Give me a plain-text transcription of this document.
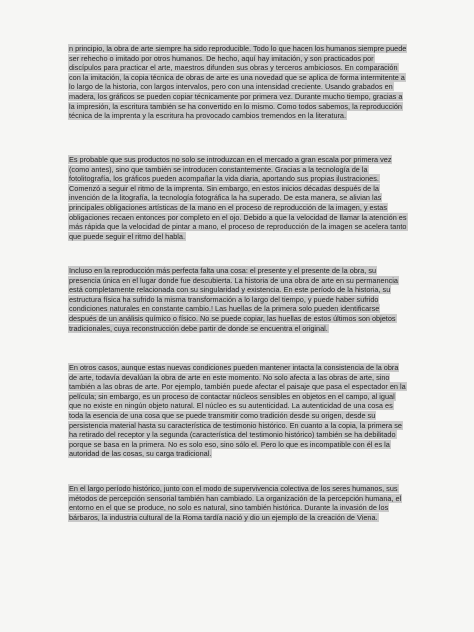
n principio, la obra de arte siempre ha sido reproducible. Todo lo que hacen los humanos siempre puede ser rehecho o imitado por otros humanos. De hecho, aquí hay imitación, y son practicados por discípulos para practicar el arte, maestros difunden sus obras y terceros ambiciosos. En comparación con la imitación, la copia técnica de obras de arte es una novedad que se aplica de forma intermitente a lo largo de la historia, con largos intervalos, pero con una intensidad creciente. Usando grabados en madera, los gráficos se pueden copiar técnicamente por primera vez. Durante mucho tiempo, gracias a la impresión, la escritura también se ha convertido en lo mismo. Como todos sabemos, la reproducción técnica de la imprenta y la escritura ha provocado cambios tremendos en la literatura.

Es probable que sus productos no solo se introduzcan en el mercado a gran escala por primera vez (como antes), sino que también se introducen constantemente. Gracias a la tecnología de la fotolitografía, los gráficos pueden acompañar la vida diaria, aportando sus propias ilustraciones. Comenzó a seguir el ritmo de la imprenta. Sin embargo, en estos inicios décadas después de la invención de la litografía, la tecnología fotográfica la ha superado. De esta manera, se alivian las principales obligaciones artísticas de la mano en el proceso de reproducción de la imagen, y estas obligaciones recaen entonces por completo en el ojo. Debido a que la velocidad de llamar la atención es más rápida que la velocidad de pintar a mano, el proceso de reproducción de la imagen se acelera tanto que puede seguir el ritmo del habla.

Incluso en la reproducción más perfecta falta una cosa: el presente y el presente de la obra, su presencia única en el lugar donde fue descubierta. La historia de una obra de arte en su permanencia está completamente relacionada con su singularidad y existencia. En este período de la historia, su estructura física ha sufrido la misma transformación a lo largo del tiempo, y puede haber sufrido condiciones naturales en constante cambio.! Las huellas de la primera solo pueden identificarse después de un análisis químico o físico. No se puede copiar, las huellas de estos últimos son objetos tradicionales, cuya reconstrucción debe partir de donde se encuentra el original.

En otros casos, aunque estas nuevas condiciones pueden mantener intacta la consistencia de la obra de arte, todavía devalúan la obra de arte en este momento. No solo afecta a las obras de arte, sino también a las obras de arte. Por ejemplo, también puede afectar el paisaje que pasa el espectador en la película; sin embargo, es un proceso de contactar núcleos sensibles en objetos en el campo, al igual que no existe en ningún objeto natural. El núcleo es su autenticidad. La autenticidad de una cosa es toda la esencia de una cosa que se puede transmitir como tradición desde su origen, desde su persistencia material hasta su característica de testimonio histórico. En cuanto a la copia, la primera se ha retirado del receptor y la segunda (característica del testimonio histórico) también se ha debilitado porque se basa en la primera. No es solo eso, sino sólo el. Pero lo que es incompatible con él es la autoridad de las cosas, su carga tradicional.

En el largo período histórico, junto con el modo de supervivencia colectiva de los seres humanos, sus métodos de percepción sensorial también han cambiado. La organización de la percepción humana, el entorno en el que se produce, no solo es natural, sino también histórica. Durante la invasión de los bárbaros, la industria cultural de la Roma tardía nació y dio un ejemplo de la creación de Viena.
